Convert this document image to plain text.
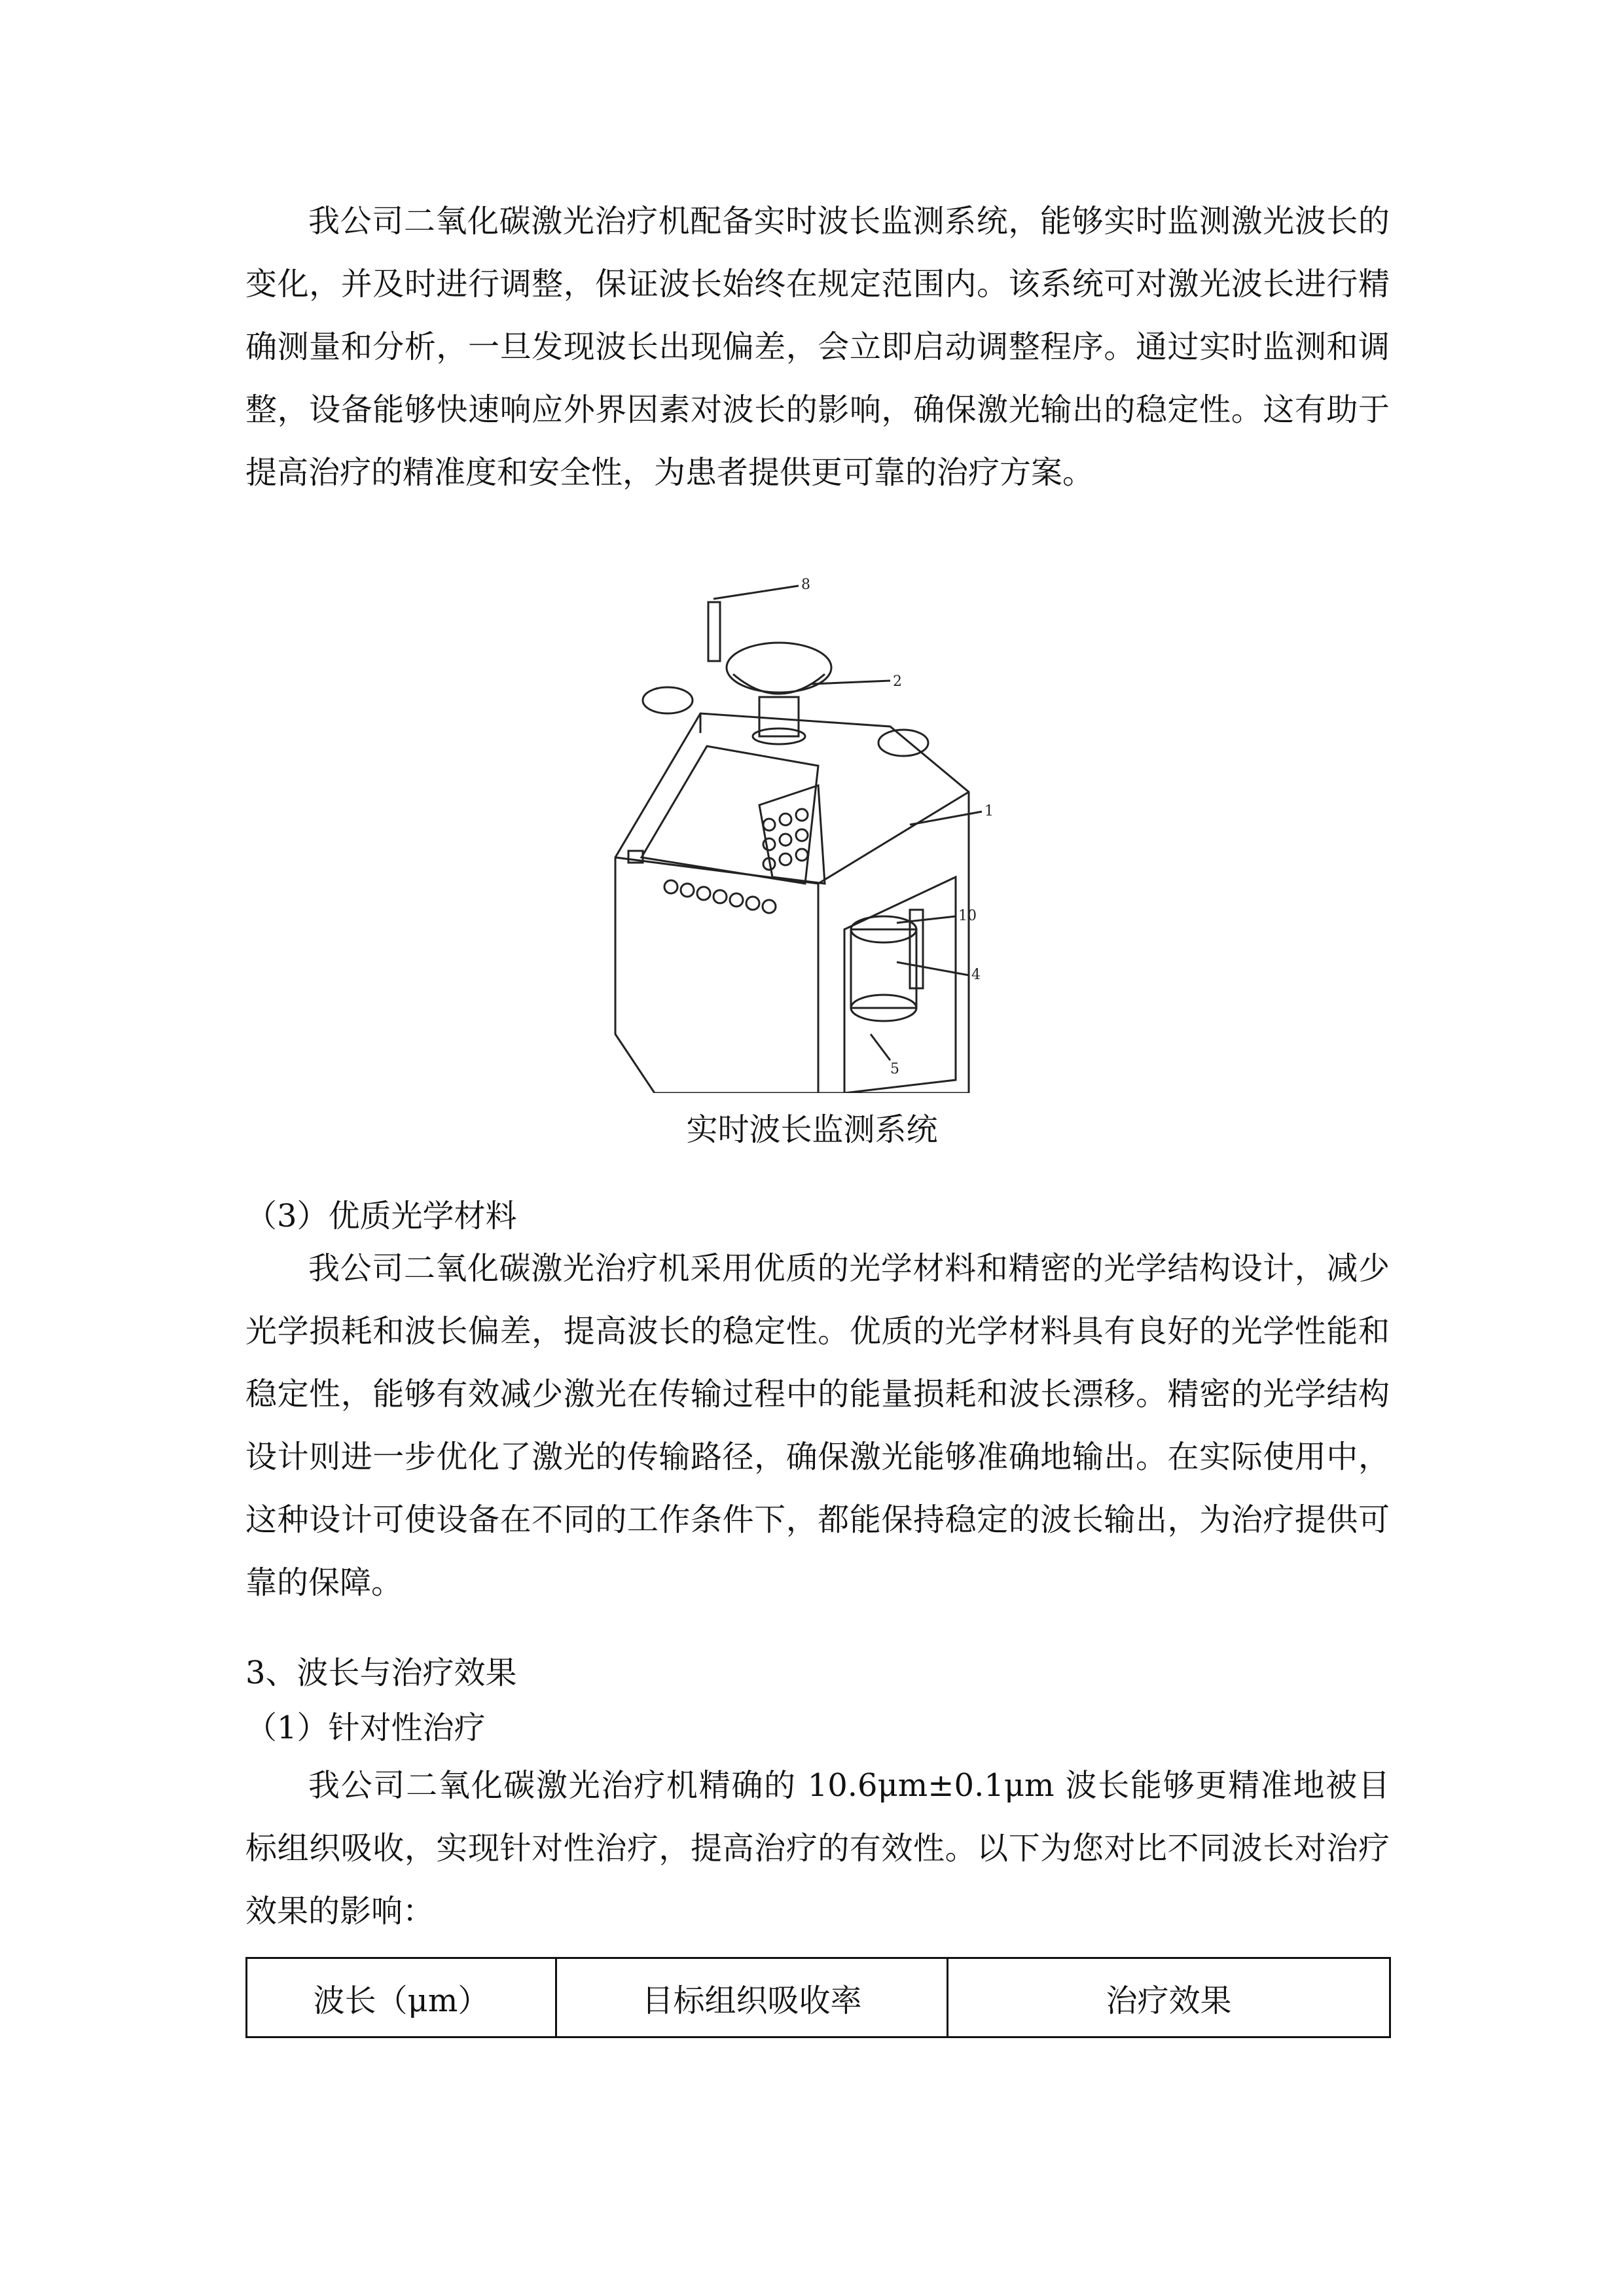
我公司二氧化碳激光治疗机配备实时波长监测系统，能够实时监测激光波长的变化，并及时进行调整，保证波长始终在规定范围内。该系统可对激光波长进行精确测量和分析，一旦发现波长出现偏差，会立即启动调整程序。通过实时监测和调整，设备能够快速响应外界因素对波长的影响，确保激光输出的稳定性。这有助于提高治疗的精准度和安全性，为患者提供更可靠的治疗方案。

8
2
1
10
4
5

实时波长监测系统

（3）优质光学材料

我公司二氧化碳激光治疗机采用优质的光学材料和精密的光学结构设计，减少光学损耗和波长偏差，提高波长的稳定性。优质的光学材料具有良好的光学性能和稳定性，能够有效减少激光在传输过程中的能量损耗和波长漂移。精密的光学结构设计则进一步优化了激光的传输路径，确保激光能够准确地输出。在实际使用中，这种设计可使设备在不同的工作条件下，都能保持稳定的波长输出，为治疗提供可靠的保障。

3、波长与治疗效果

（1）针对性治疗

我公司二氧化碳激光治疗机精确的 10.6μm±0.1μm 波长能够更精准地被目标组织吸收，实现针对性治疗，提高治疗的有效性。以下为您对比不同波长对治疗效果的影响：

波长（μm）	目标组织吸收率	治疗效果
